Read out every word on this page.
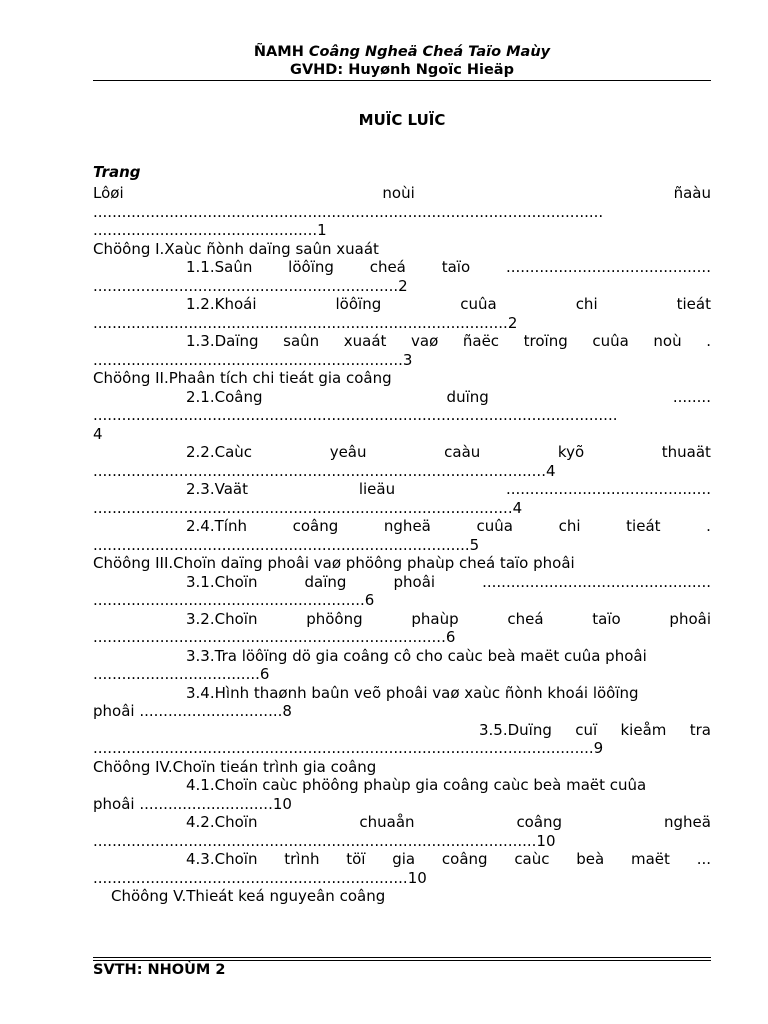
ÑAMH Coâng Ngheä Cheá Taïo Maùy
GVHD: Huyønh Ngoïc Hieäp
MUÏC LUÏC
Trang
Lôøi	noùi	ñaàu
...........................................................................................................
...............................................1
Chöông I.Xaùc ñònh daïng saûn xuaát
1.1.Saûn löôïng cheá taïo ...........................................
................................................................2
1.2.Khoái	löôïng	cuûa	chi	tieát
.......................................................................................2
1.3.Daïng saûn xuaát vaø ñaëc troïng cuûa noù .
.................................................................3
Chöông II.Phaân tích chi tieát gia coâng
2.1.Coâng	duïng	........
..............................................................................................................
4
2.2.Caùc	yeâu	caàu	kyõ	thuaät
...............................................................................................4
2.3.Vaät	lieäu	...........................................
........................................................................................4
2.4.Tính	coâng	ngheä	cuûa	chi	tieát	.
...............................................................................5
Chöông III.Choïn daïng phoâi vaø phöông phaùp cheá taïo phoâi
3.1.Choïn	daïng	phoâi	................................................
.........................................................6
3.2.Choïn	phöông	phaùp	cheá	taïo	phoâi
..........................................................................6
3.3.Tra löôïng dö gia coâng cô cho caùc beà maët cuûa phoâi
...................................6
3.4.Hình thaønh baûn veõ phoâi vaø xaùc ñònh khoái löôïng
phoâi ..............................8
3.5.Duïng cuï kieåm tra
.........................................................................................................9
Chöông IV.Choïn tieán trình gia coâng
4.1.Choïn caùc phöông phaùp gia coâng caùc beà maët cuûa
phoâi ............................10
4.2.Choïn	chuaån	coâng	ngheä
.............................................................................................10
4.3.Choïn trình töï gia coâng caùc beà maët ...
..................................................................10
Chöông V.Thieát keá nguyeân coâng
SVTH: NHOÙM 2
